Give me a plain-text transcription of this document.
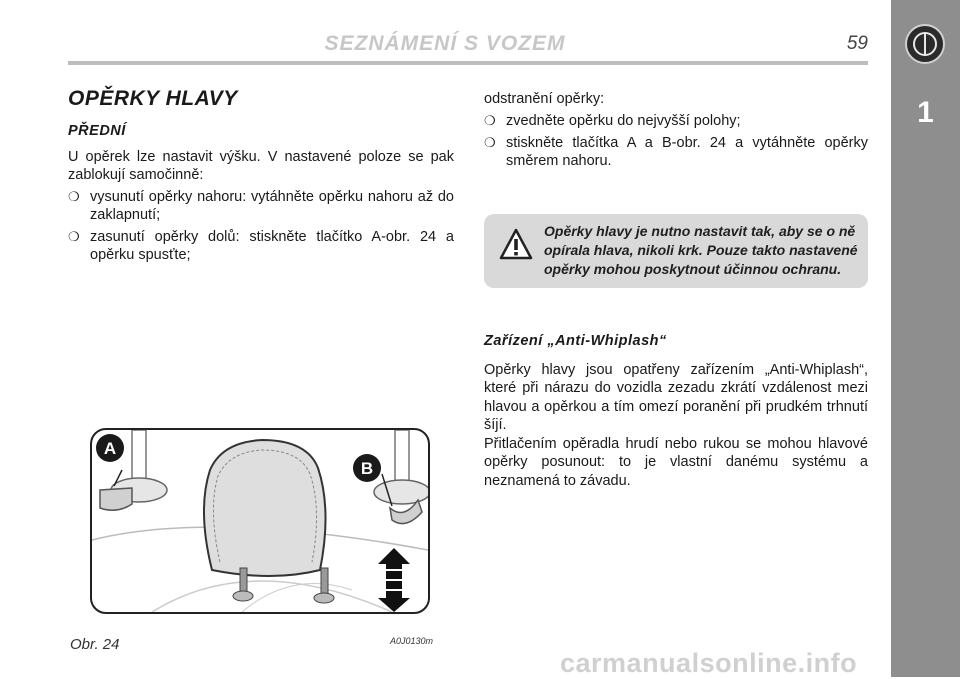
SEZNÁMENÍ S VOZEM	59
1
OPĚRKY HLAVY
PŘEDNÍ

U opěrek lze nastavit výšku. V nastavené poloze se pak zablokují samočinně:

❍ vysunutí opěrky nahoru: vytáhněte opěrku nahoru až do zaklapnutí;
❍ zasunutí opěrky dolů: stiskněte tlačítko A-obr. 24 a opěrku spusťte;

odstranění opěrky:

❍ zvedněte opěrku do nejvyšší polohy;
❍ stiskněte tlačítka A a B-obr. 24 a vytáhněte opěrky směrem nahoru.
Opěrky hlavy je nutno nastavit tak, aby se o ně opírala hlava, nikoli krk. Pouze takto nastavené opěrky mohou poskytnout účinnou ochranu.
Zařízení „Anti-Whiplash“

Opěrky hlavy jsou opatřeny zařízením „Anti-Whiplash“, které při nárazu do vozidla zezadu zkrátí vzdálenost mezi hlavou a opěrkou a tím omezí poranění při prudkém trhnutí šíjí.

Přitlačením opěradla hrudí nebo rukou se mohou hlavové opěrky posunout: to je vlastní danému systému a neznamená to závadu.

A
B
Obr. 24	A0J0130m
carmanualsonline.info
